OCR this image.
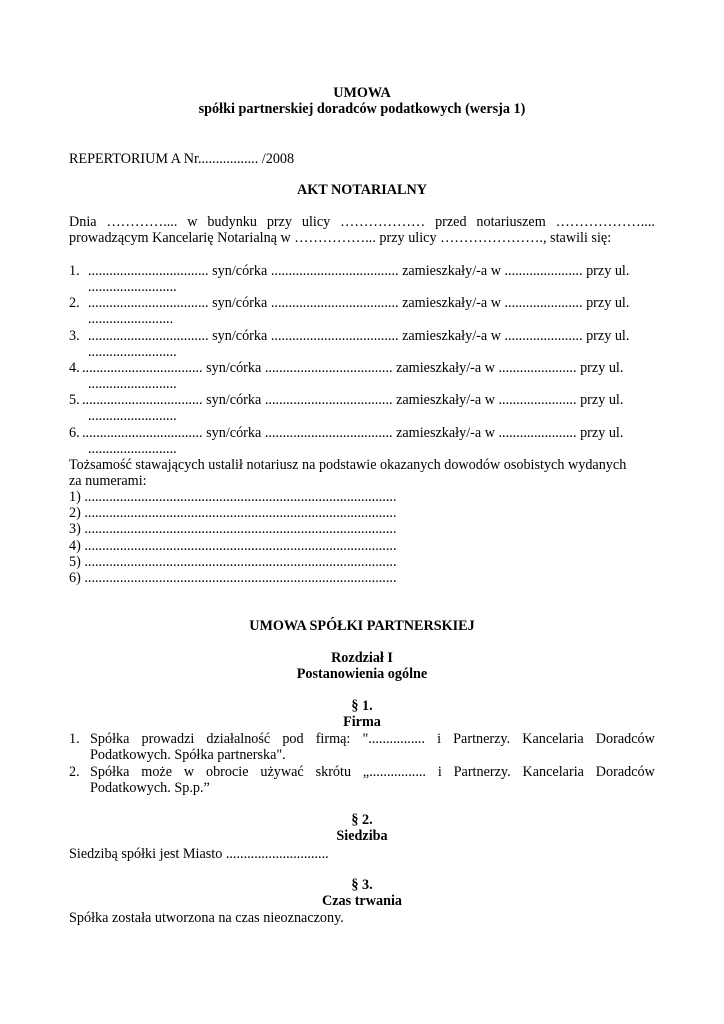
UMOWA
spółki partnerskiej doradców podatkowych (wersja 1)
REPERTORIUM A Nr................. /2008
AKT NOTARIALNY
Dnia ………….... w budynku przy ulicy ……………… przed notariuszem ………………....
prowadzącym Kancelarię Notarialną w ……………... przy ulicy …………………., stawili się:
1. .................................. syn/córka .................................... zamieszkały/-a w ...................... przy ul.
.........................
2. .................................. syn/córka .................................... zamieszkały/-a w ...................... przy ul.
........................
3. .................................. syn/córka .................................... zamieszkały/-a w ...................... przy ul.
.........................
4. .................................. syn/córka .................................... zamieszkały/-a w ...................... przy ul.
.........................
5. .................................. syn/córka .................................... zamieszkały/-a w ...................... przy ul.
.........................
6. .................................. syn/córka .................................... zamieszkały/-a w ...................... przy ul.
.........................
Tożsamość stawających ustalił notariusz na podstawie okazanych dowodów osobistych wydanych
za numerami:
1) ........................................................................................
2) ........................................................................................
3) ........................................................................................
4) ........................................................................................
5) ........................................................................................
6) ........................................................................................
UMOWA SPÓŁKI PARTNERSKIEJ
Rozdział I
Postanowienia ogólne
§ 1.
Firma
1. Spółka prowadzi działalność pod firmą: "................ i Partnerzy. Kancelaria Doradców
Podatkowych. Spółka partnerska".
2. Spółka może w obrocie używać skrótu „................ i Partnerzy. Kancelaria Doradców
Podatkowych. Sp.p.”
§ 2.
Siedziba
Siedzibą spółki jest Miasto .............................
§ 3.
Czas trwania
Spółka została utworzona na czas nieoznaczony.
